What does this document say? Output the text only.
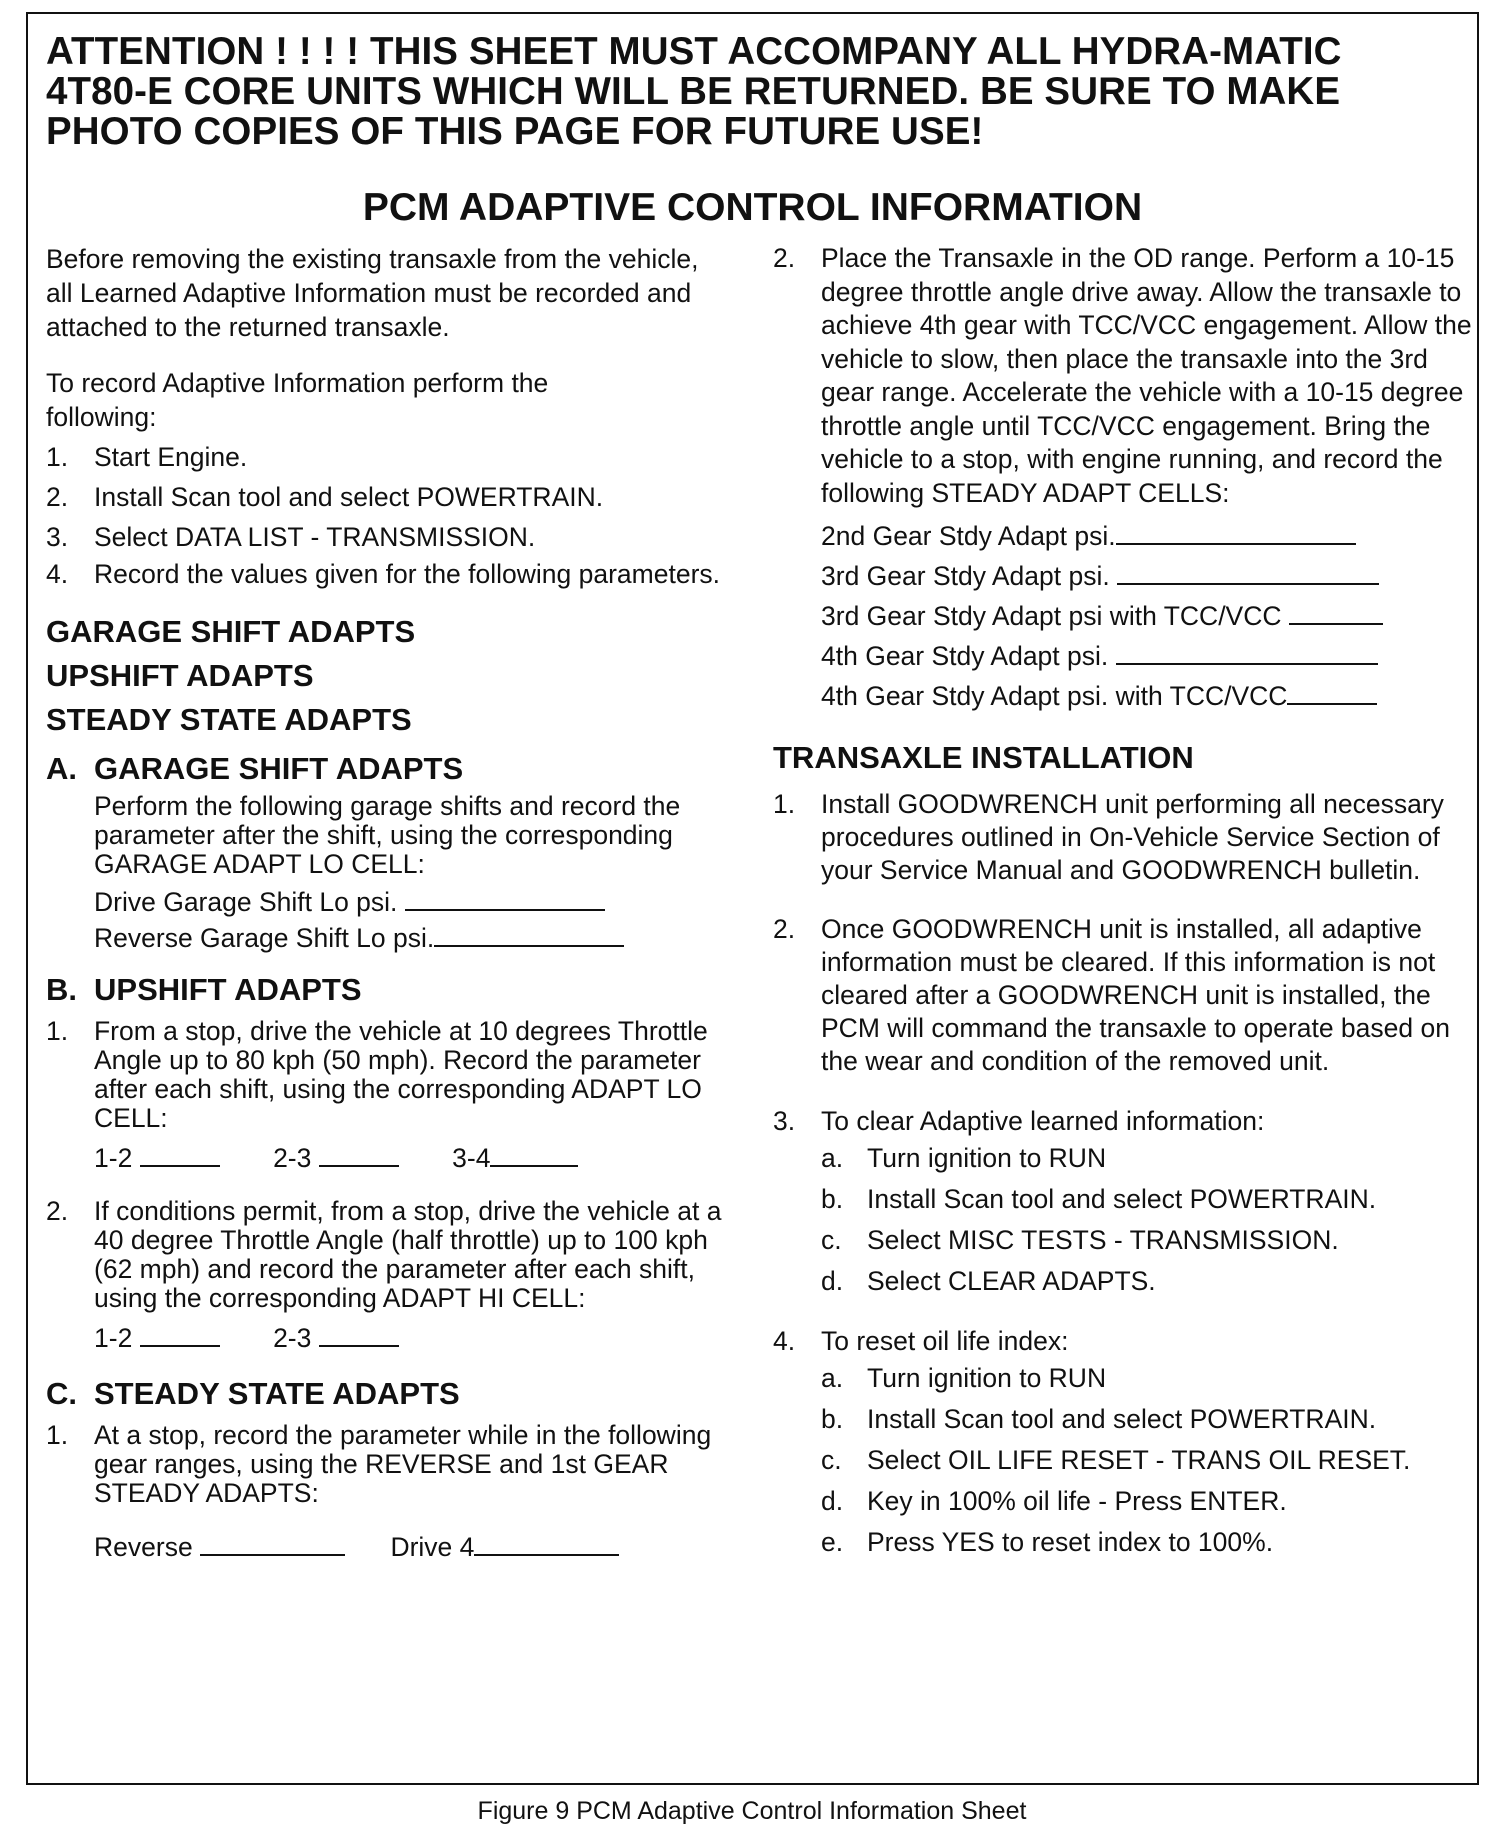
ATTENTION ! ! ! ! THIS SHEET MUST ACCOMPANY ALL HYDRA-MATIC
4T80-E CORE UNITS WHICH WILL BE RETURNED. BE SURE TO MAKE
PHOTO COPIES OF THIS PAGE FOR FUTURE USE!
PCM ADAPTIVE CONTROL INFORMATION

Before removing the existing transaxle from the vehicle, all Learned Adaptive Information must be recorded and attached to the returned transaxle.

To record Adaptive Information perform the following:

1. Start Engine.
2. Install Scan tool and select POWERTRAIN.
3. Select DATA LIST - TRANSMISSION.
4. Record the values given for the following parameters.
GARAGE SHIFT ADAPTS
UPSHIFT ADAPTS
STEADY STATE ADAPTS
A. GARAGE SHIFT ADAPTS

Perform the following garage shifts and record the parameter after the shift, using the corresponding GARAGE ADAPT LO CELL:

Drive Garage Shift Lo psi.
Reverse Garage Shift Lo psi.
B. UPSHIFT ADAPTS
1. From a stop, drive the vehicle at 10 degrees Throttle Angle up to 80 kph (50 mph). Record the parameter after each shift, using the corresponding ADAPT LO CELL:
1-2	2-3	3-4
2. If conditions permit, from a stop, drive the vehicle at a 40 degree Throttle Angle (half throttle) up to 100 kph (62 mph) and record the parameter after each shift, using the corresponding ADAPT HI CELL:
1-2	2-3
C. STEADY STATE ADAPTS
1. At a stop, record the parameter while in the following gear ranges, using the REVERSE and 1st GEAR STEADY ADAPTS:
Reverse	Drive 4
2. Place the Transaxle in the OD range. Perform a 10-15 degree throttle angle drive away. Allow the transaxle to achieve 4th gear with TCC/VCC engagement. Allow the vehicle to slow, then place the transaxle into the 3rd gear range. Accelerate the vehicle with a 10-15 degree throttle angle until TCC/VCC engagement. Bring the vehicle to a stop, with engine running, and record the following STEADY ADAPT CELLS:
2nd Gear Stdy Adapt psi.
3rd Gear Stdy Adapt psi.
3rd Gear Stdy Adapt psi with TCC/VCC
4th Gear Stdy Adapt psi.
4th Gear Stdy Adapt psi. with TCC/VCC
TRANSAXLE INSTALLATION
1. Install GOODWRENCH unit performing all necessary procedures outlined in On-Vehicle Service Section of your Service Manual and GOODWRENCH bulletin.
2. Once GOODWRENCH unit is installed, all adaptive information must be cleared. If this information is not cleared after a GOODWRENCH unit is installed, the PCM will command the transaxle to operate based on the wear and condition of the removed unit.
3. To clear Adaptive learned information:
a. Turn ignition to RUN
b. Install Scan tool and select POWERTRAIN.
c. Select MISC TESTS - TRANSMISSION.
d. Select CLEAR ADAPTS.
4. To reset oil life index:
a. Turn ignition to RUN
b. Install Scan tool and select POWERTRAIN.
c. Select OIL LIFE RESET - TRANS OIL RESET.
d. Key in 100% oil life - Press ENTER.
e. Press YES to reset index to 100%.
Figure 9 PCM Adaptive Control Information Sheet
